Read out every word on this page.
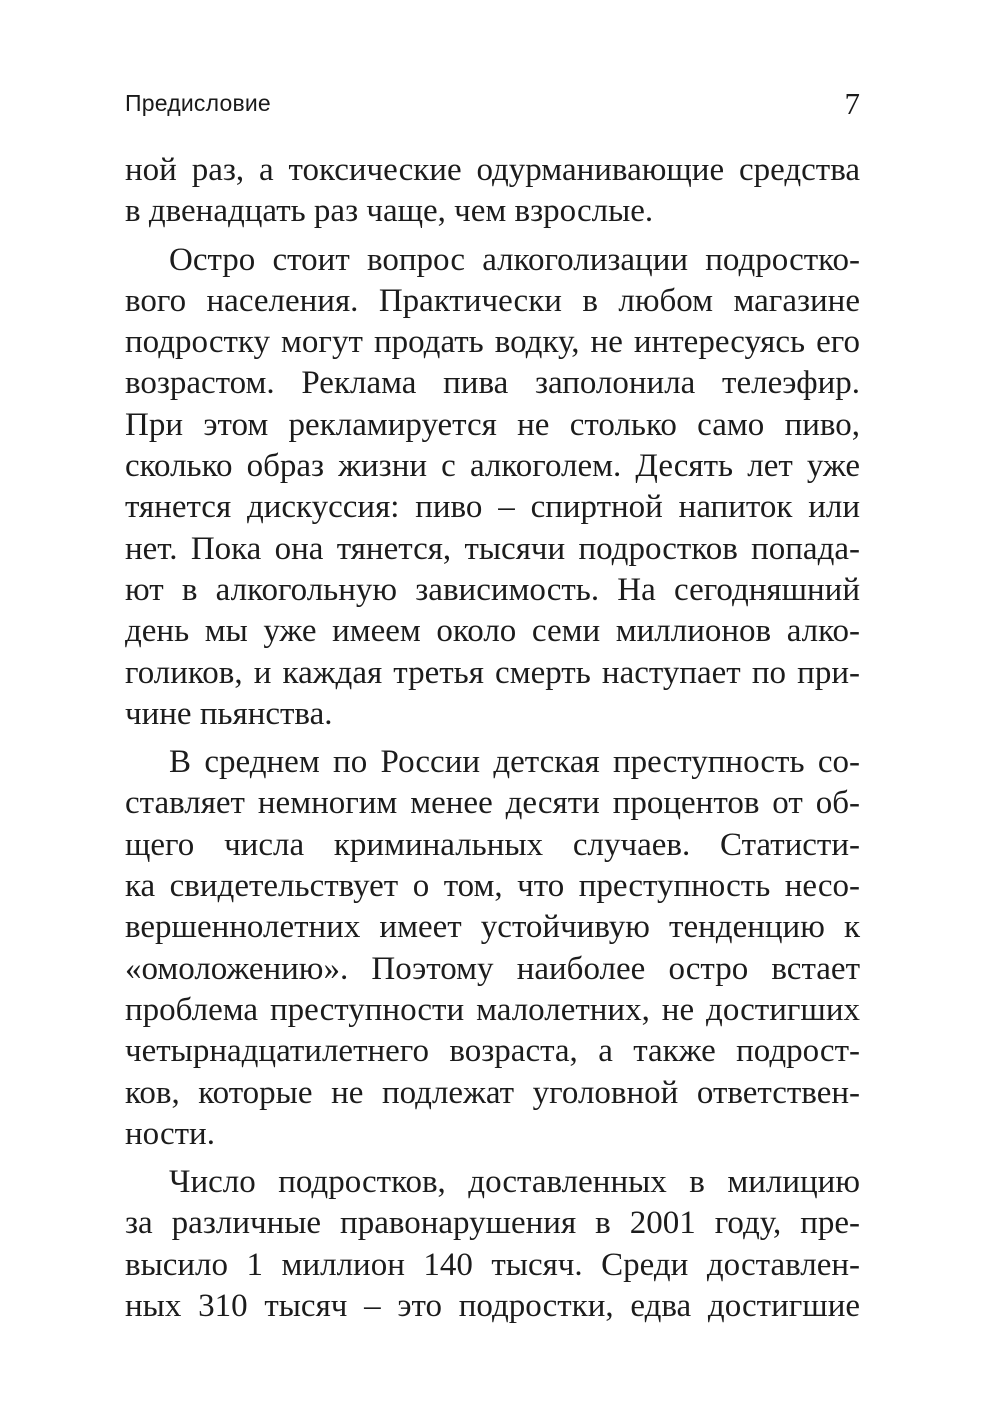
Предисловие	7
ной раз, а токсические одурманивающие средства
в двенадцать раз чаще, чем взрослые.
Остро стоит вопрос алкоголизации подростко-
вого населения. Практически в любом магазине
подростку могут продать водку, не интересуясь его
возрастом. Реклама пива заполонила телеэфир.
При этом рекламируется не столько само пиво,
сколько образ жизни с алкоголем. Десять лет уже
тянется дискуссия: пиво – спиртной напиток или
нет. Пока она тянется, тысячи подростков попада-
ют в алкогольную зависимость. На сегодняшний
день мы уже имеем около семи миллионов алко-
голиков, и каждая третья смерть наступает по при-
чине пьянства.
В среднем по России детская преступность со-
ставляет немногим менее десяти процентов от об-
щего числа криминальных случаев. Статисти-
ка свидетельствует о том, что преступность несо-
вершеннолетних имеет устойчивую тенденцию к
«омоложению». Поэтому наиболее остро встает
проблема преступности малолетних, не достигших
четырнадцатилетнего возраста, а также подрост-
ков, которые не подлежат уголовной ответствен-
ности.
Число подростков, доставленных в милицию
за различные правонарушения в 2001 году, пре-
высило 1 миллион 140 тысяч. Среди доставлен-
ных 310 тысяч – это подростки, едва достигшие
